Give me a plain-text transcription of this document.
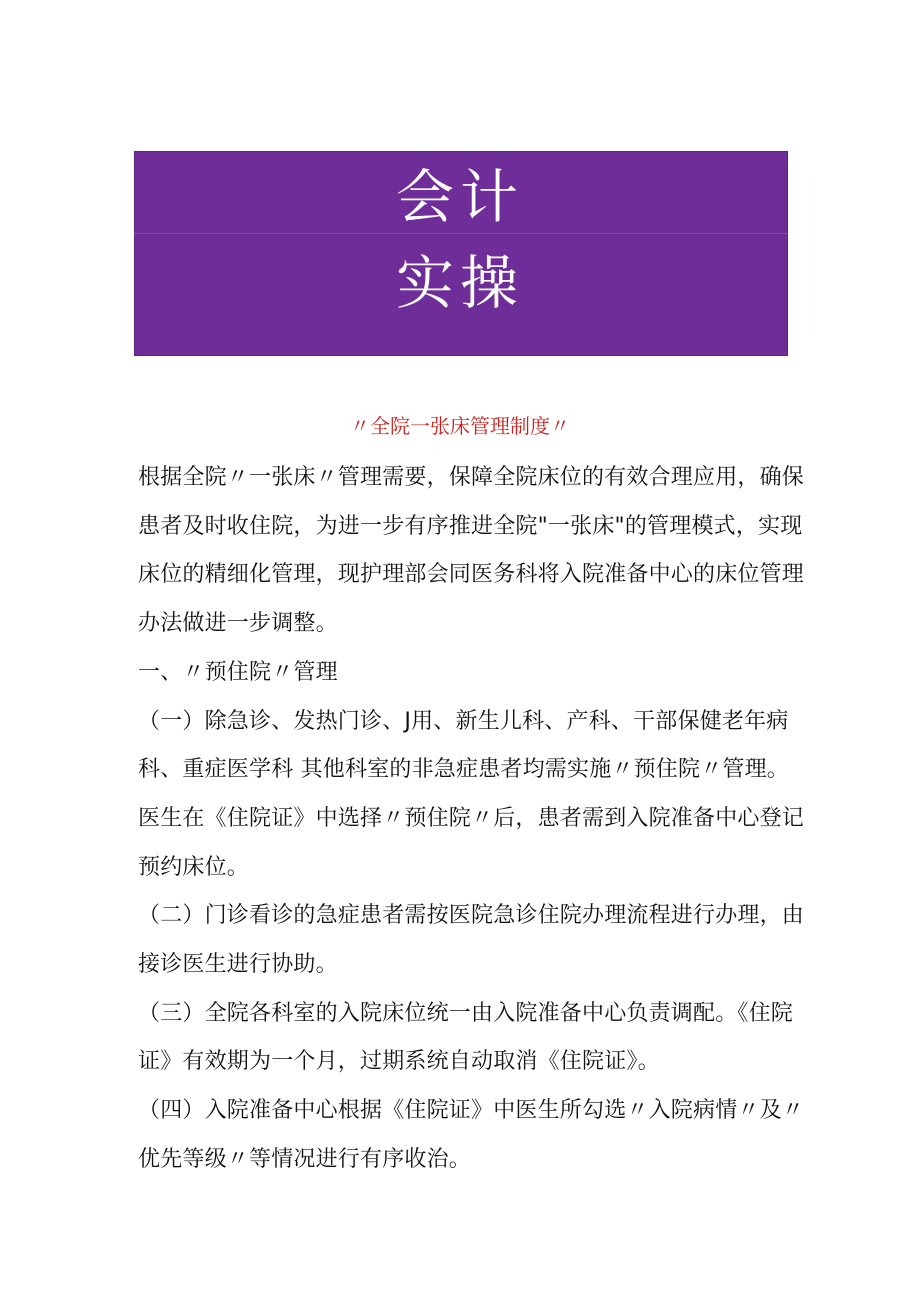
会计
实操
〃全院一张床管理制度〃

根据全院〃一张床〃管理需要，保障全院床位的有效合理应用，确保患者及时收住院，为进一步有序推进全院"一张床"的管理模式，实现床位的精细化管理，现护理部会同医务科将入院准备中心的床位管理办法做进一步调整。

一、〃预住院〃管理

（一）除急诊、发热门诊、J用、新生儿科、产科、干部保健老年病科、重症医学科 其他科室的非急症患者均需实施〃预住院〃管理。医生在《住院证》中选择〃预住院〃后，患者需到入院准备中心登记预约床位。

（二）门诊看诊的急症患者需按医院急诊住院办理流程进行办理，由接诊医生进行协助。

（三）全院各科室的入院床位统一由入院准备中心负责调配。《住院证》有效期为一个月，过期系统自动取消《住院证》。

（四）入院准备中心根据《住院证》中医生所勾选〃入院病情〃及〃优先等级〃等情况进行有序收治。
